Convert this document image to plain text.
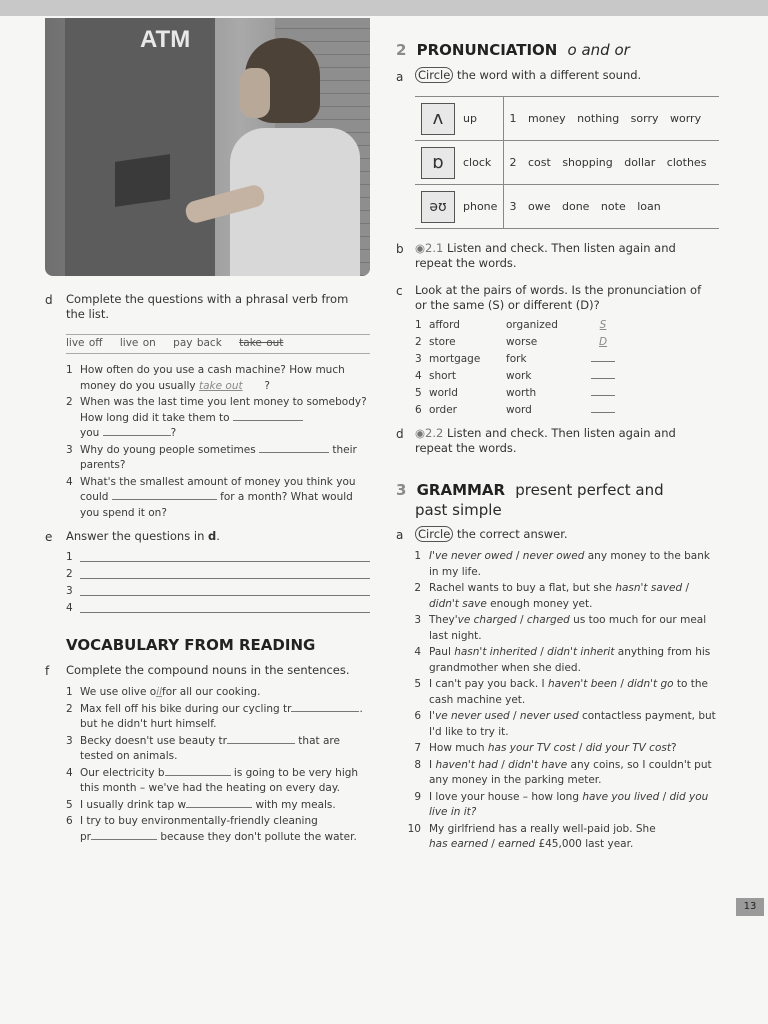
ATM
d Complete the questions with a phrasal verb from the list.
live off live on pay back take out
1 How often do you use a cash machine? How much
money do you usually take out ?
2 When was the last time you lent money to somebody?
How long did it take them to
you	?
3 Why do young people sometimes

	their
parents?
4 What's the smallest amount of money you think you
could	for a month? What would
you spend it on?
e Answer the questions in d.
1
2
3
4
VOCABULARY FROM READING
f Complete the compound nouns in the sentences.
1 We use olive o il for all our cooking.
2 Max fell off his bike during our cycling tr	.
but he didn't hurt himself.
3 Becky doesn't use beauty tr
	that are
tested on animals.
4 Our electricity b
	is going to be very high
this month – we've had the heating on every day.
5 I usually drink tap w
	with my meals.
6 I try to buy environmentally-friendly cleaning
pr	because they don't pollute the water.
2 PRONUNCIATION o and or
a Circle the word with a different sound.
ʌ up	1 money nothing sorry worry
ɒ clock	2 cost shopping dollar clothes
əʊ phone	3 owe done note loan
b ◉2.1 Listen and check. Then listen again and
repeat the words.
c Look at the pairs of words. Is the pronunciation of
or the same (S) or different (D)?
1 afford	organized	S
2 store	worse	D
3 mortgage	fork
4 short	work
5 world	worth
6 order	word
d ◉2.2 Listen and check. Then listen again and
repeat the words.
3 GRAMMAR present perfect and
past simple
a Circle the correct answer.
1 I've never owed / never owed any money to the bank
in my life.
2 Rachel wants to buy a flat, but she hasn't saved /
didn't save enough money yet.
3 They've charged / charged us too much for our meal
last night.
4 Paul hasn't inherited / didn't inherit anything from his
grandmother when she died.
5 I can't pay you back. I haven't been / didn't go to the
cash machine yet.
6 I've never used / never used contactless payment, but
I'd like to try it.
7 How much has your TV cost / did your TV cost?
8 I haven't had / didn't have any coins, so I couldn't put
any money in the parking meter.
9 I love your house – how long have you lived / did you
live in it?
10 My girlfriend has a really well-paid job. She
has earned / earned £45,000 last year.
13
